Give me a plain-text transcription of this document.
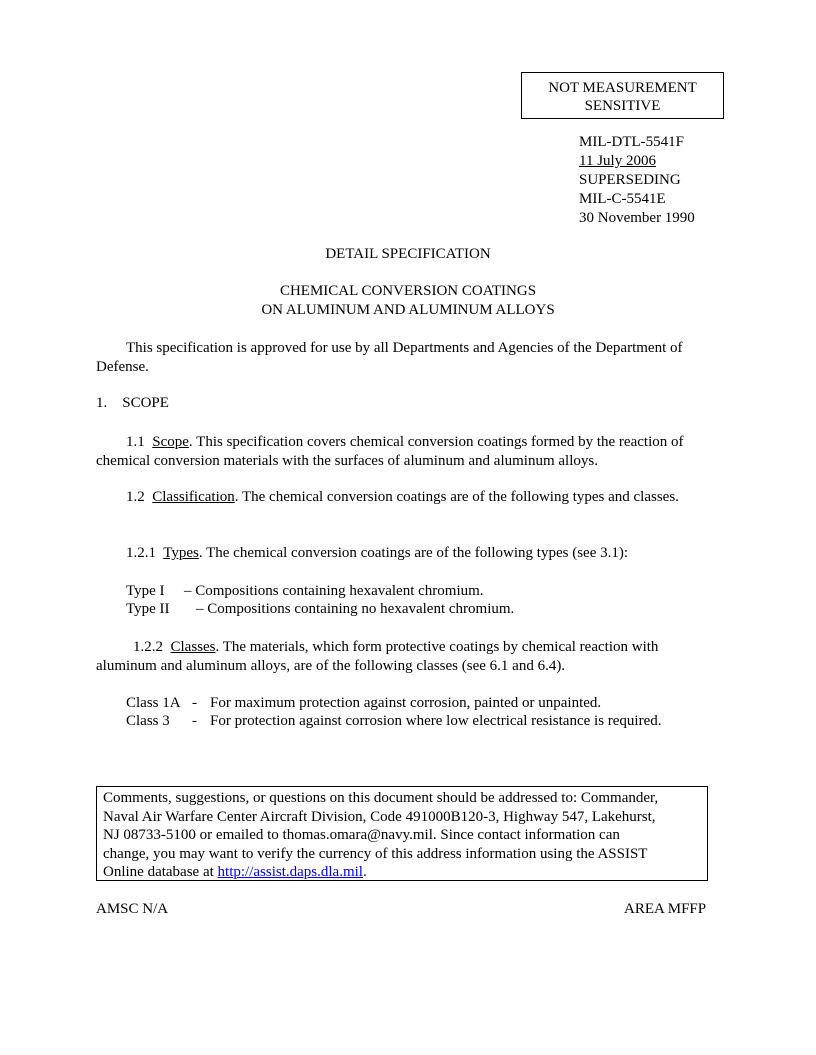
NOT MEASUREMENT
SENSITIVE
MIL-DTL-5541F
11 July 2006
SUPERSEDING
MIL-C-5541E
30 November 1990
DETAIL SPECIFICATION
CHEMICAL CONVERSION COATINGS
ON ALUMINUM AND ALUMINUM ALLOYS
This specification is approved for use by all Departments and Agencies of the Department of Defense.
1. SCOPE
1.1 Scope. This specification covers chemical conversion coatings formed by the reaction of chemical conversion materials with the surfaces of aluminum and aluminum alloys.
1.2 Classification. The chemical conversion coatings are of the following types and classes.
1.2.1 Types. The chemical conversion coatings are of the following types (see 3.1):
Type I – Compositions containing hexavalent chromium.
Type II – Compositions containing no hexavalent chromium.
1.2.2 Classes. The materials, which form protective coatings by chemical reaction with aluminum and aluminum alloys, are of the following classes (see 6.1 and 6.4).
Class 1A - For maximum protection against corrosion, painted or unpainted.
Class 3 - For protection against corrosion where low electrical resistance is required.
Comments, suggestions, or questions on this document should be addressed to: Commander,
Naval Air Warfare Center Aircraft Division, Code 491000B120-3, Highway 547, Lakehurst,
NJ 08733-5100 or emailed to thomas.omara@navy.mil. Since contact information can
change, you may want to verify the currency of this address information using the ASSIST
Online database at http://assist.daps.dla.mil.
AMSC N/A	AREA MFFP
